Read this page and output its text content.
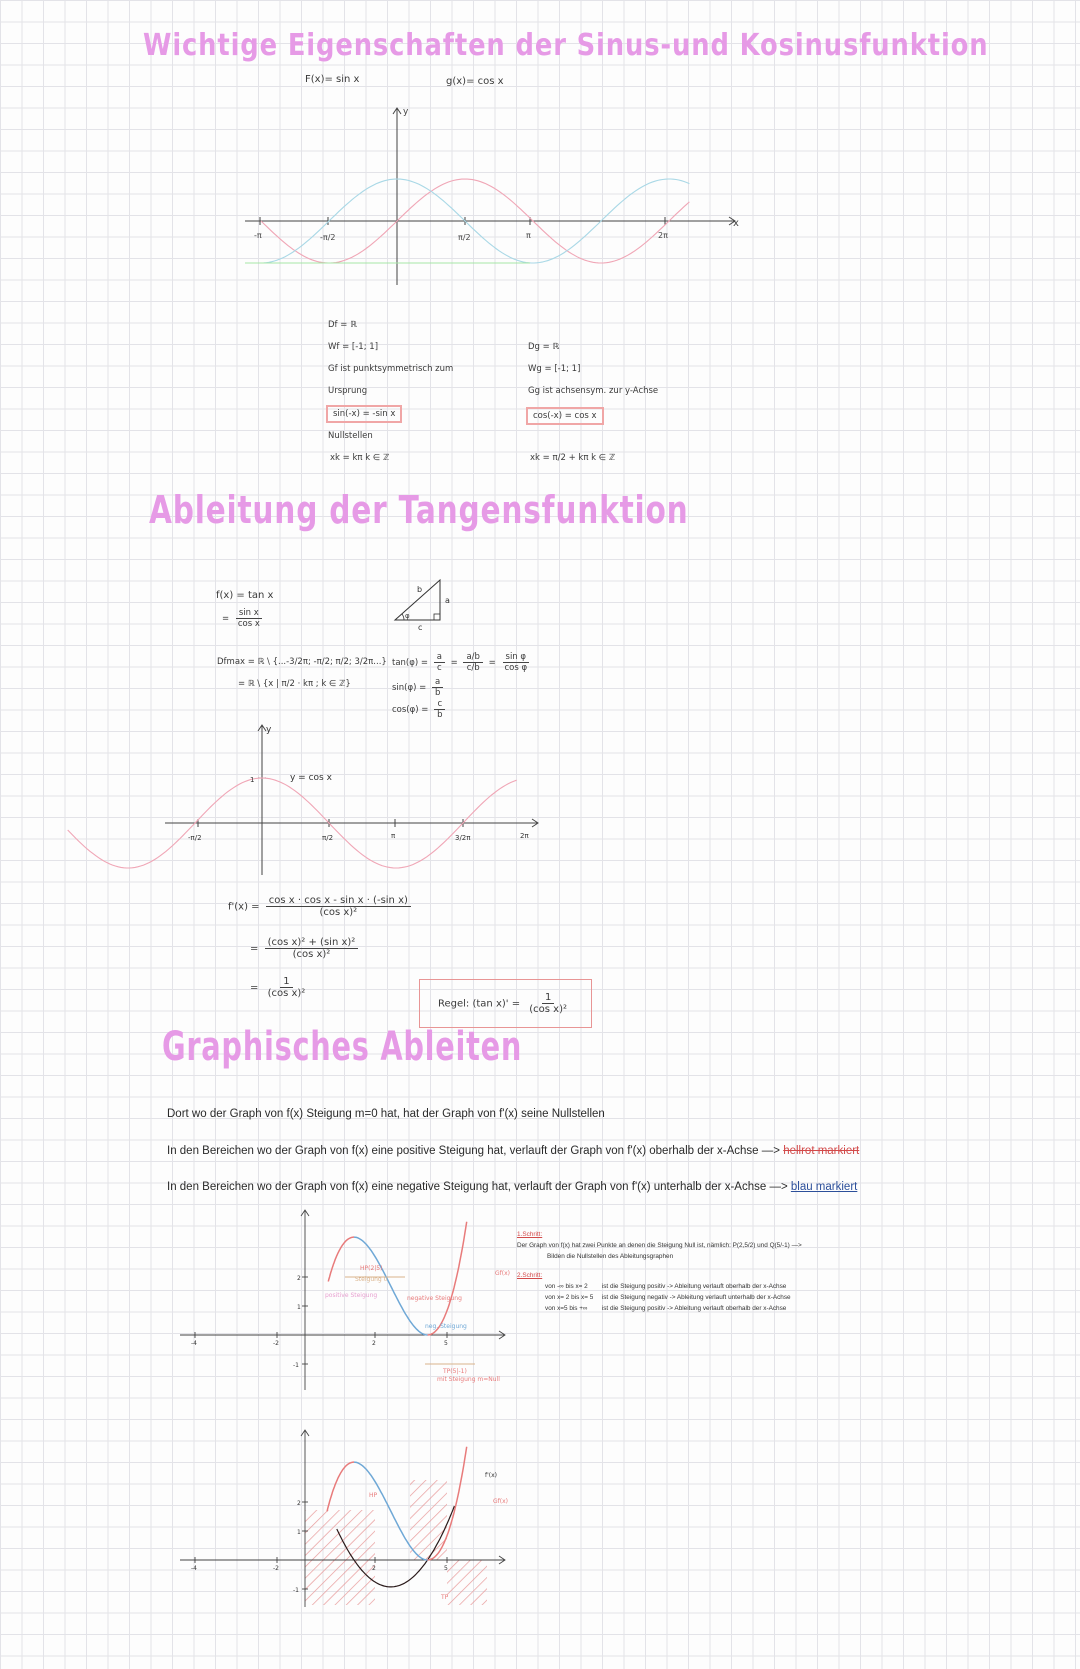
Wichtige Eigenschaften der Sinus-und Kosinusfunktion
F(x)= sin x	g(x)= cos x
x
y
-π	-π/2	π/2	π	2π
Df = ℝ
Wf = [-1; 1]
Gf ist punktsymmetrisch zum
Ursprung
sin(-x) = -sin x
Nullstellen
xk = kπ k ∈ ℤ
Dg = ℝ
Wg = [-1; 1]
Gg ist achsensym. zur y-Achse
cos(-x) = cos x
xk = π/2 + kπ k ∈ ℤ
Ableitung der Tangensfunktion
f(x) = tan x
= $\frac{\text{sin x}}{\text{cos x}}$
Dfmax = ℝ \ {...-3/2π; -π/2; π/2; 3/2π...}
= ℝ \ {x | π/2 · kπ ; k ∈ ℤ}
b
a
c
φ
$\tan(\varphi) = \frac{a}{c} = \frac{a/b}{c/b} = \frac{\text{sin φ}}{\text{cos φ}}$
$\sin(\varphi) = \frac{a}{b}$
$\cos(\varphi) = \frac{c}{b}$
y = cos x
y
1
-π/2	π/2	π	3/2π	2π
$f'(x) = \frac{\text{cos x · cos x - sin x · (-sin x)}}{\text{(cos x)²}}$
= $\frac{\text{(cos x)² + (sin x)²}}{\text{(cos x)²}}$
= $\frac{1}{\text{(cos x)²}}$
Regel: (tan $x)' = \frac{1}{\text{(cos x)²}}$
Graphisches Ableiten
Dort wo der Graph von f(x) Steigung m=0 hat, hat der Graph von f'(x) seine Nullstellen
In den Bereichen wo der Graph von f(x) eine positive Steigung hat, verlauft der Graph von f'(x) oberhalb der x-Achse —> hellrot markiert
In den Bereichen wo der Graph von f(x) eine negative Steigung hat, verlauft der Graph von f'(x) unterhalb der x-Achse —> blau markiert
1.Schritt:
Der Graph von f(x) hat zwei Punkte an denen die Steigung Null ist, nämlich: P(2,5/2) und Q(5/-1) —>
Bilden die Nullstellen des Ableitungsgraphen
2.Schritt:
von -∞ bis x= 2 ist die Steigung positiv -> Ableitung verlauft oberhalb der x-Achse
von x= 2 bis x= 5 ist die Steigung negativ -> Ableitung verlauft unterhalb der x-Achse
von x=5 bis +∞ ist die Steigung positiv -> Ableitung verlauft oberhalb der x-Achse
Gf(x)
2
1
-1
-4	-2	2	5
HP(2|5)
Steigung 0
positive Steigung	negative Steigung
neg. Steigung
TP(5|-1)
mit Steigung m=Null
f'(x)
Gf(x)
2
1
-1
-4	-2	2	5
HP
TP
